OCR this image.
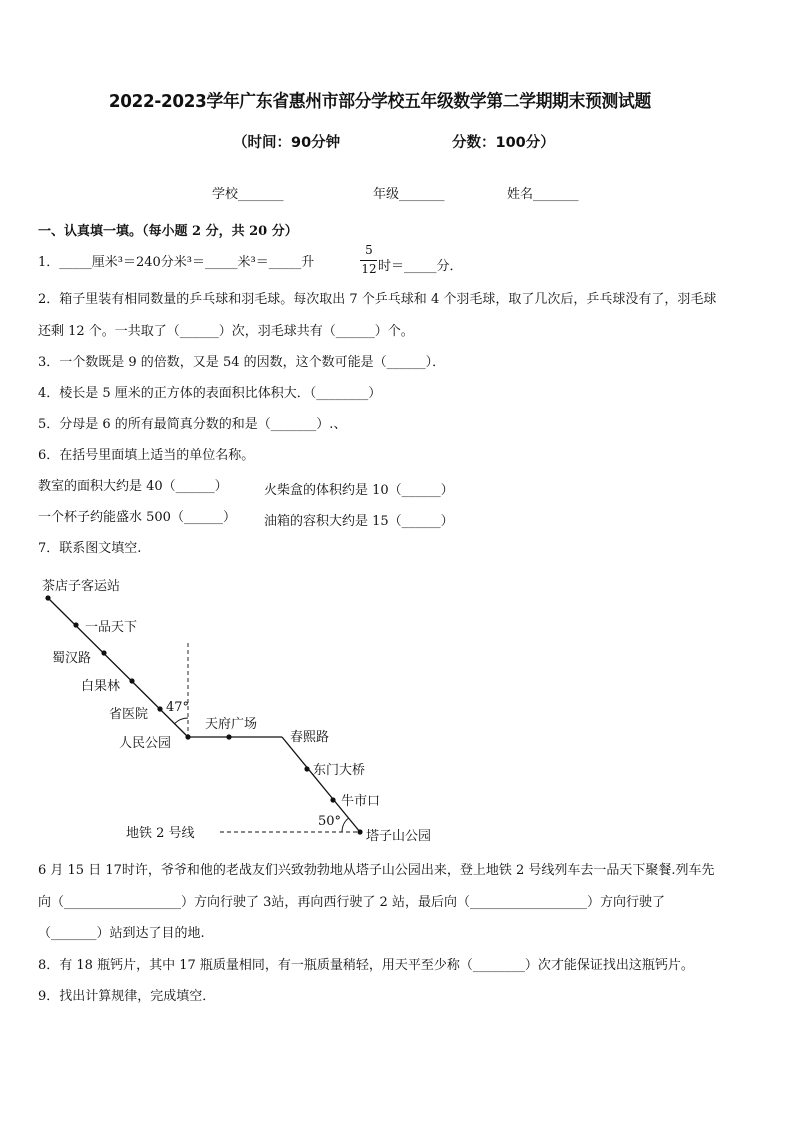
2022-2023学年广东省惠州市部分学校五年级数学第二学期期末预测试题
（时间：90分钟	分数：100分）
学校_______	年级_______	姓名_______
一、认真填一填。（每小题 2 分，共 20 分）
1．_____厘米³＝240分米³＝_____米³＝_____升
5
12 时＝_____分．
2．箱子里装有相同数量的乒乓球和羽毛球。每次取出 7 个乒乓球和 4 个羽毛球，取了几次后，乒乓球没有了，羽毛球
还剩 12 个。一共取了（______）次，羽毛球共有（______）个。
3．一个数既是 9 的倍数，又是 54 的因数，这个数可能是（______）．
4．棱长是 5 厘米的正方体的表面积比体积大．（________）
5．分母是 6 的所有最简真分数的和是（_______）.、
6．在括号里面填上适当的单位名称。
教室的面积大约是 40（______）	火柴盒的体积约是 10（______）
一个杯子约能盛水 500（______） 油箱的容积大约是 15（______）
7．联系图文填空.
茶店子客运站
一品天下
蜀汉路
白果林
省医院
人民公园
天府广场
春熙路
东门大桥
牛市口
塔子山公园
47°
50°
地铁 2 号线
6 月 15 日 17时许，爷爷和他的老战友们兴致勃勃地从塔子山公园出来，登上地铁 2 号线列车去一品天下聚餐.列车先
向（__________________）方向行驶了 3站，再向西行驶了 2 站，最后向（__________________）方向行驶了
（_______）站到达了目的地.
8．有 18 瓶钙片，其中 17 瓶质量相同，有一瓶质量稍轻，用天平至少称（________）次才能保证找出这瓶钙片。
9．找出计算规律，完成填空．
